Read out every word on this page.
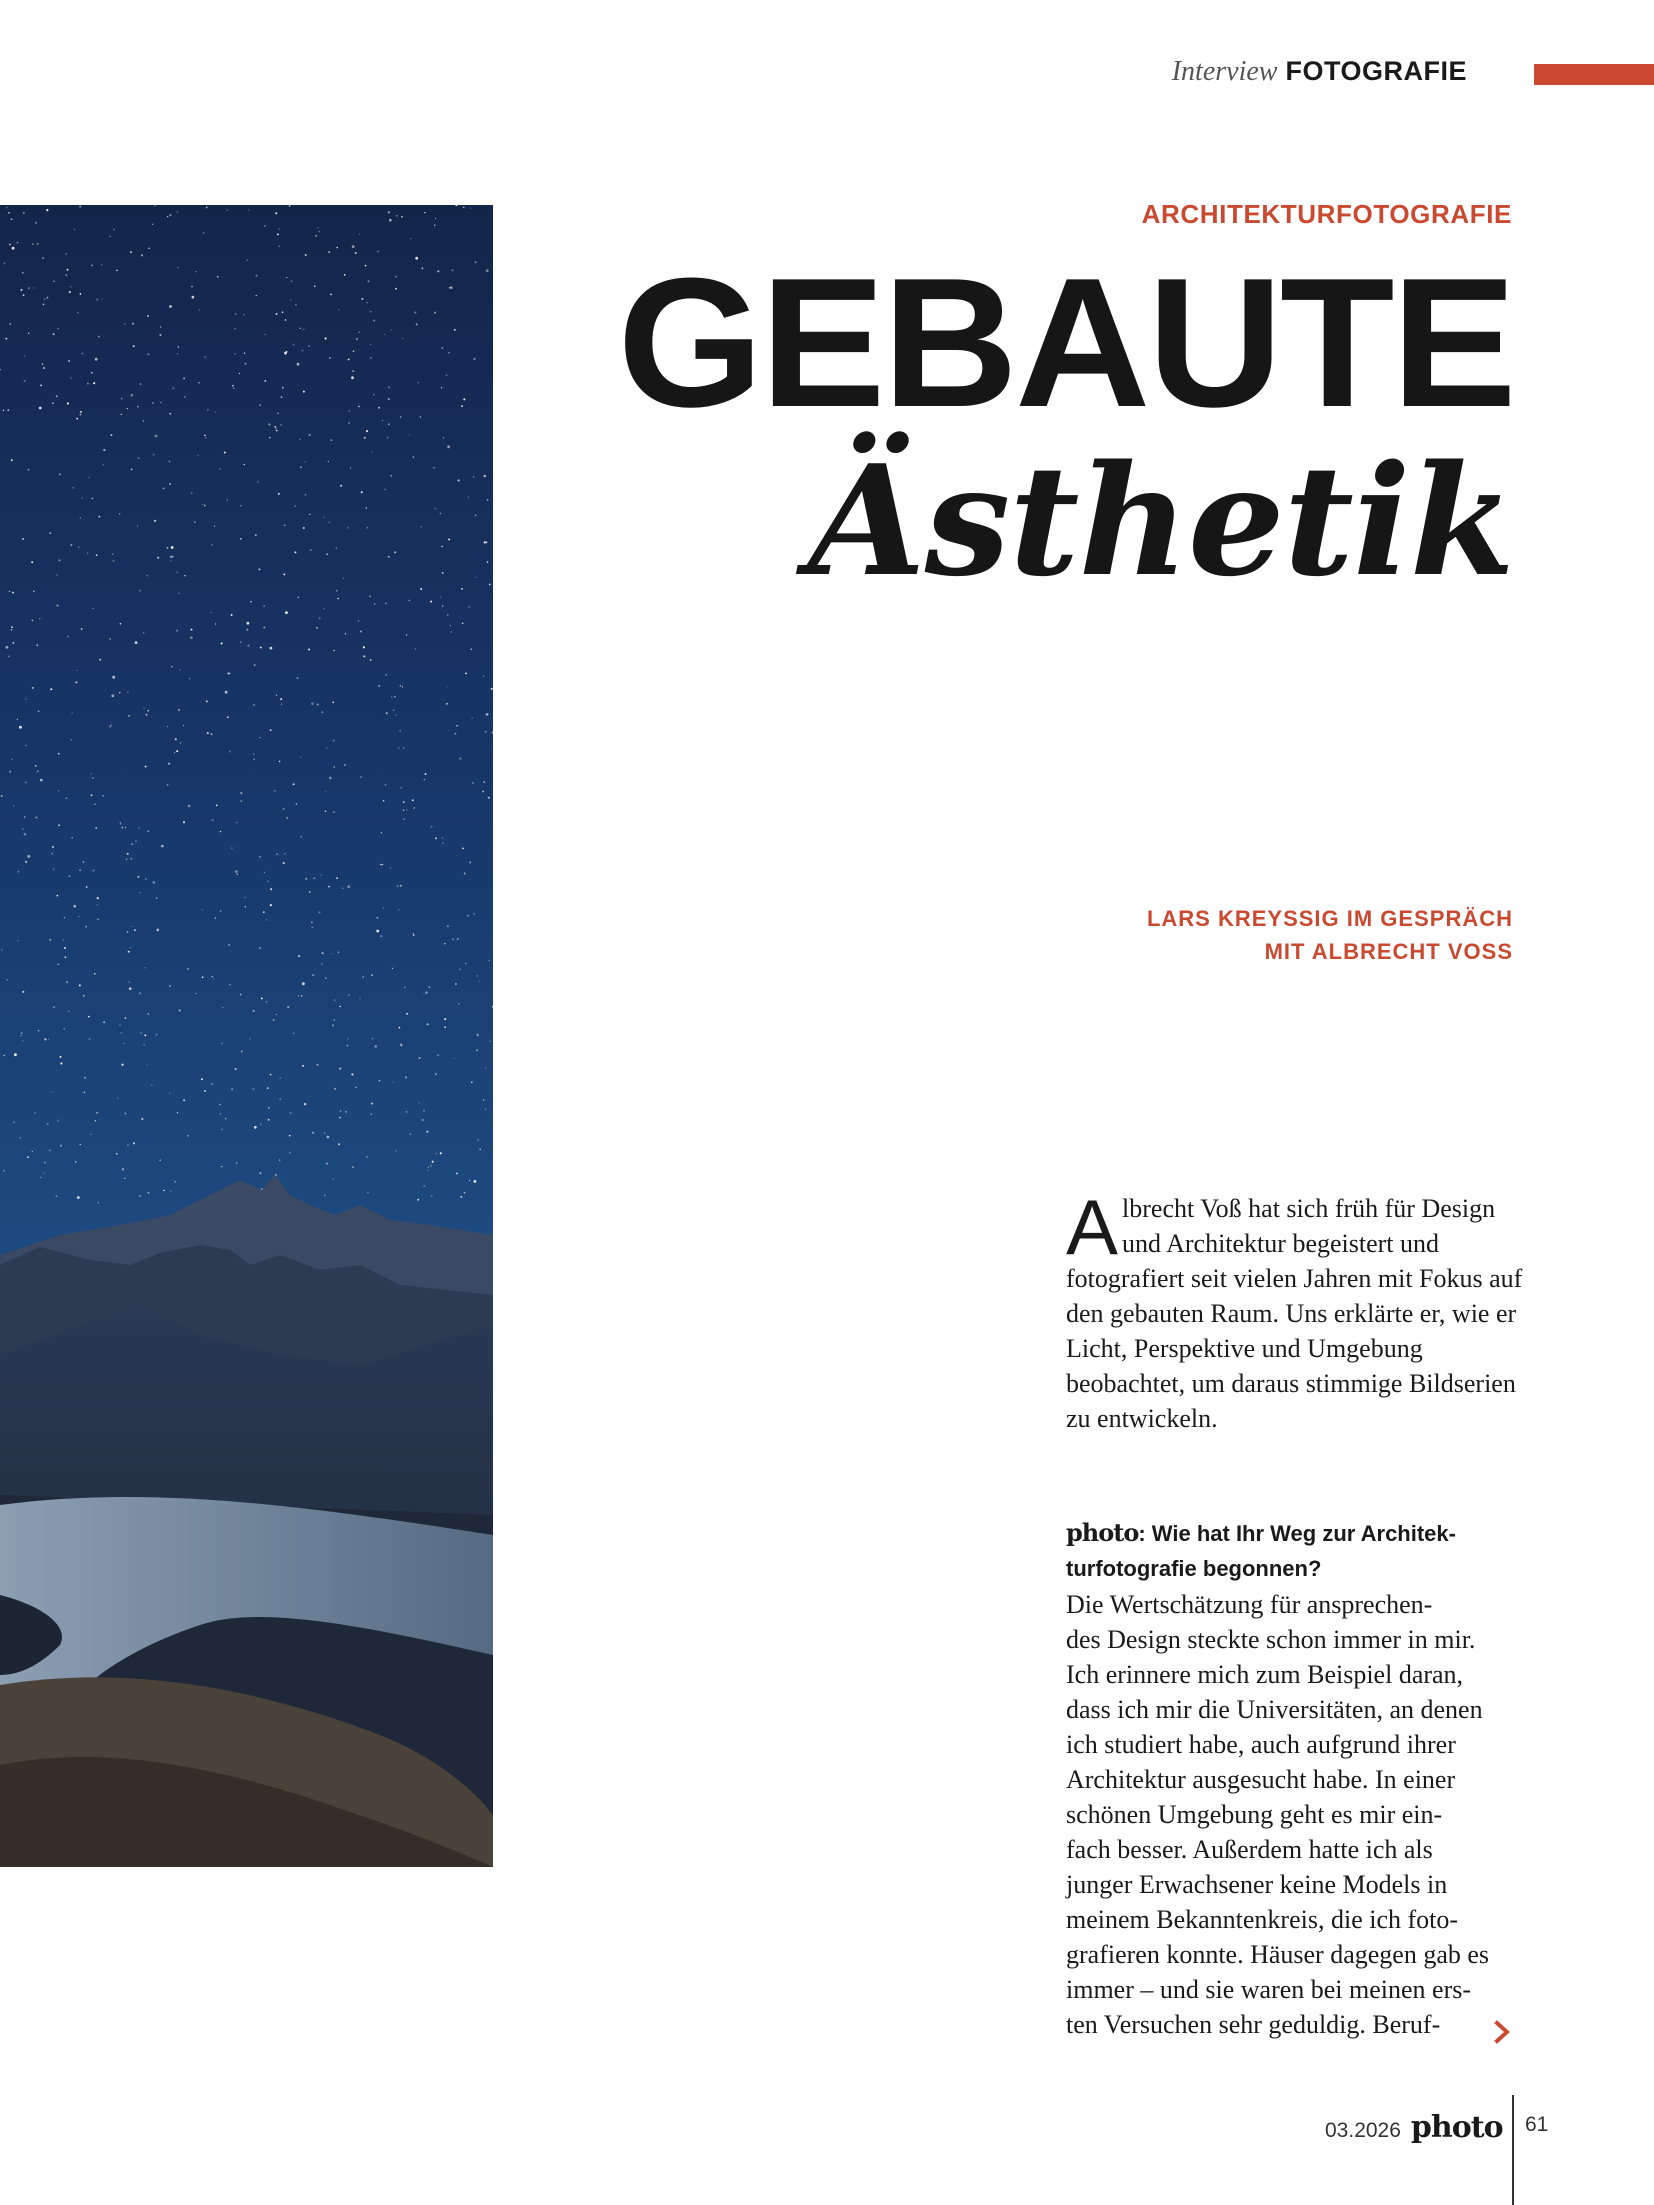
Interview FOTOGRAFIE
ARCHITEKTURFOTOGRAFIE
GEBAUTE
Ästhetik
LARS KREYSSIG IM GESPRÄCH
MIT ALBRECHT VOSS
A lbrecht Voß hat sich früh für Design und Architektur begeistert und fotografiert seit vielen Jahren mit Fokus auf den gebauten Raum. Uns erklärte er, wie er Licht, Perspektive und Umgebung beobachtet, um daraus stimmige Bildserien zu entwickeln.
photo: Wie hat Ihr Weg zur Architek-
turfotografie begonnen?
Die Wertschätzung für ansprechen-
des Design steckte schon immer in mir.
Ich erinnere mich zum Beispiel daran,
dass ich mir die Universitäten, an denen
ich studiert habe, auch aufgrund ihrer
Architektur ausgesucht habe. In einer
schönen Umgebung geht es mir ein-
fach besser. Außerdem hatte ich als
junger Erwachsener keine Models in
meinem Bekanntenkreis, die ich foto-
grafieren konnte. Häuser dagegen gab es
immer – und sie waren bei meinen ers-
ten Versuchen sehr geduldig. Beruf-
03.2026 photo 61
